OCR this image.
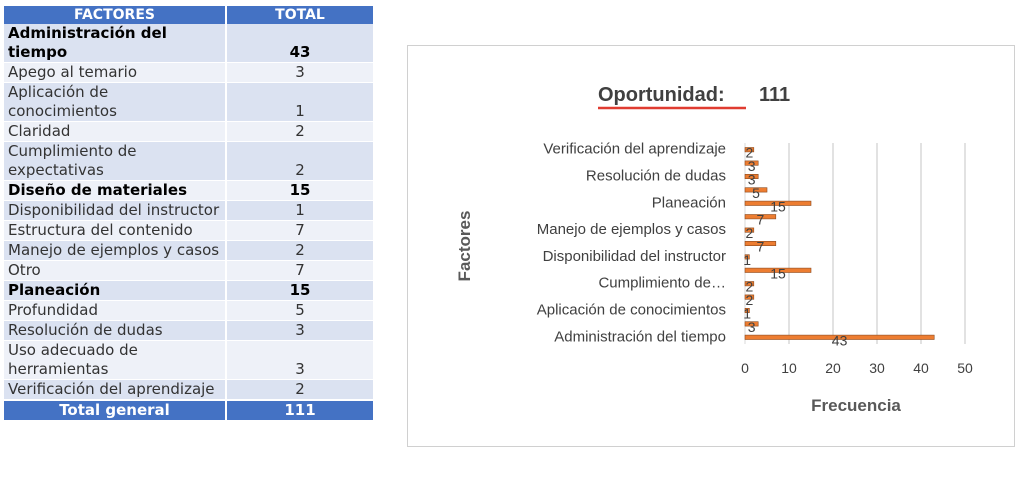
FACTORES	TOTAL
Administración del tiempo	43
Apego al temario	3
Aplicación de conocimientos	1
Claridad	2
Cumplimiento de expectativas	2
Diseño de materiales	15
Disponibilidad del instructor	1
Estructura del contenido	7
Manejo de ejemplos y casos	2
Otro	7
Planeación	15
Profundidad	5
Resolución de dudas	3
Uso adecuado de herramientas	3
Verificación del aprendizaje	2
Total general	111
Oportunidad: 111
Factores
Frecuencia
43
3
1
2
2
15
1
7
2
7
15
5
3
3
2
Administración del tiempo
Aplicación de conocimientos
Cumplimiento de…
Disponibilidad del instructor
Manejo de ejemplos y casos
Planeación
Resolución de dudas
Verificación del aprendizaje
0 10 20 30 40 50
